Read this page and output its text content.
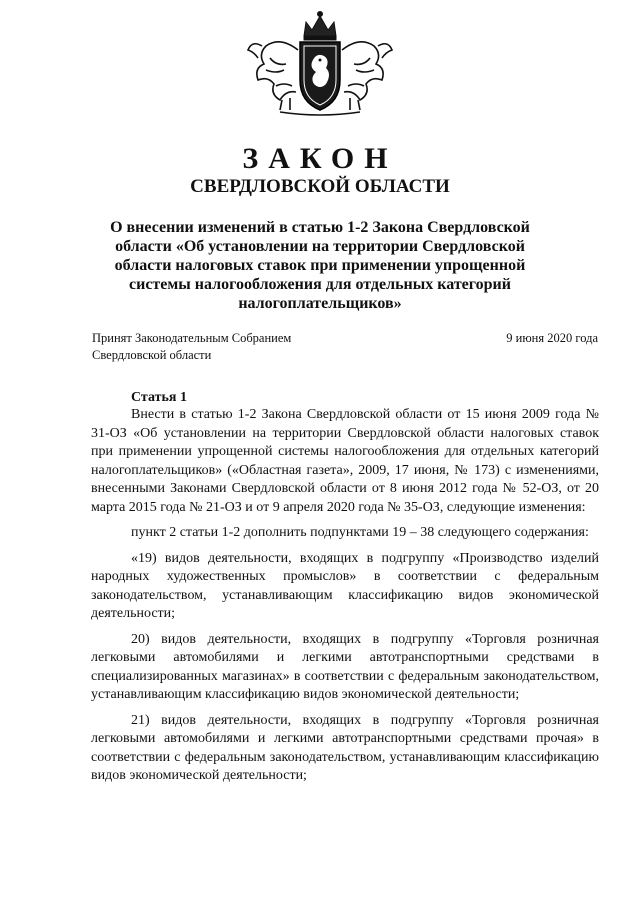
ЗАКОН
СВЕРДЛОВСКОЙ ОБЛАСТИ
О внесении изменений в статью 1-2 Закона Свердловской области «Об установлении на территории Свердловской области налоговых ставок при применении упрощенной системы налогообложения для отдельных категорий налогоплательщиков»
Принят Законодательным Собранием
Свердловской области
9 июня 2020 года
Статья 1

Внести в статью 1-2 Закона Свердловской области от 15 июня 2009 года № 31-ОЗ «Об установлении на территории Свердловской области налоговых ставок при применении упрощенной системы налогообложения для отдельных категорий налогоплательщиков» («Областная газета», 2009, 17 июня, № 173) с изменениями, внесенными Законами Свердловской области от 8 июня 2012 года № 52-ОЗ, от 20 марта 2015 года № 21-ОЗ и от 9 апреля 2020 года № 35-ОЗ, следующие изменения:

пункт 2 статьи 1-2 дополнить подпунктами 19 – 38 следующего содержания:

«19) видов деятельности, входящих в подгруппу «Производство изделий народных художественных промыслов» в соответствии с федеральным законодательством, устанавливающим классификацию видов экономической деятельности;

20) видов деятельности, входящих в подгруппу «Торговля розничная легковыми автомобилями и легкими автотранспортными средствами в специализированных магазинах» в соответствии с федеральным законодательством, устанавливающим классификацию видов экономической деятельности;

21) видов деятельности, входящих в подгруппу «Торговля розничная легковыми автомобилями и легкими автотранспортными средствами прочая» в соответствии с федеральным законодательством, устанавливающим классификацию видов экономической деятельности;
